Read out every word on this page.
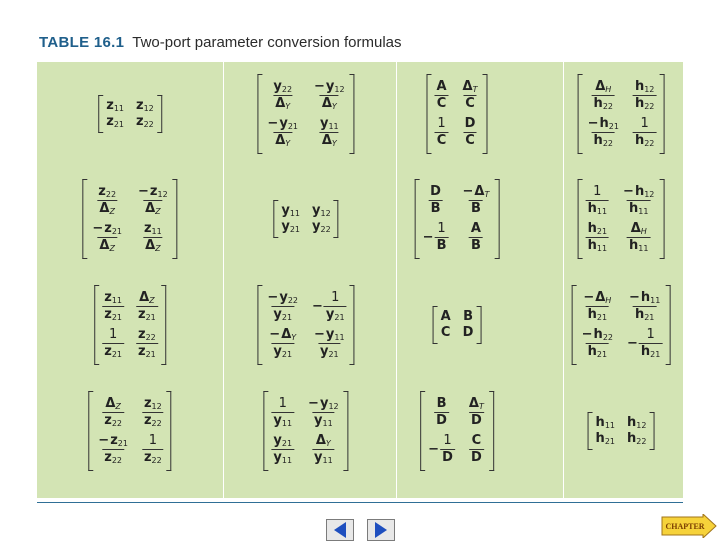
TABLE 16.1 Two-port parameter conversion formulas
$z_{11}$ $z_{12}$
$z_{21}$ $z_{22}$
$\frac{y_{22}}{\Delta_Y} \frac{-y_{12}}{\Delta_Y}$
$\frac{-y_{21}}{\Delta_Y} \frac{y_{11}}{\Delta_Y}$
$\frac{A}{C} \frac{\Delta_T}{C}$
$\frac{1}{C} \frac{D}{C}$
$\frac{\Delta_H}{h_{22}} \frac{h_{12}}{h_{22}}$
$\frac{-h_{21}}{h_{22}} \frac{1}{h_{22}}$
$\frac{z_{22}}{\Delta_Z} \frac{-z_{12}}{\Delta_Z}$
$\frac{-z_{21}}{\Delta_Z} \frac{z_{11}}{\Delta_Z}$
$y_{11}$ $y_{12}$
$y_{21}$ $y_{22}$
$\frac{D}{B} \frac{-\Delta_T}{B}$
− $\frac{1}{B} \frac{A}{B}$
$\frac{1}{h_{11}} \frac{-h_{12}}{h_{11}}$
$\frac{h_{21}}{h_{11}} \frac{\Delta_H}{h_{11}}$
$\frac{z_{11}}{z_{21}} \frac{\Delta_Z}{z_{21}}$
$\frac{1}{z_{21}} \frac{z_{22}}{z_{21}}$
$\frac{-y_{22}}{y_{21}} - \frac{1}{y_{21}}$
$\frac{-\Delta_Y}{y_{21}} \frac{-y_{11}}{y_{21}}$
A B
C D
$\frac{-\Delta_H}{h_{21}} \frac{-h_{11}}{h_{21}}$
$\frac{-h_{22}}{h_{21}} - \frac{1}{h_{21}}$
$\frac{\Delta_Z}{z_{22}} \frac{z_{12}}{z_{22}}$
$\frac{-z_{21}}{z_{22}} \frac{1}{z_{22}}$
$\frac{1}{y_{11}} \frac{-y_{12}}{y_{11}}$
$\frac{y_{21}}{y_{11}} \frac{\Delta_Y}{y_{11}}$
$\frac{B}{D} \frac{\Delta_T}{D}$
− $\frac{1}{D} \frac{C}{D}$
$h_{11}$ $h_{12}$
$h_{21}$ $h_{22}$
CHAPTER
